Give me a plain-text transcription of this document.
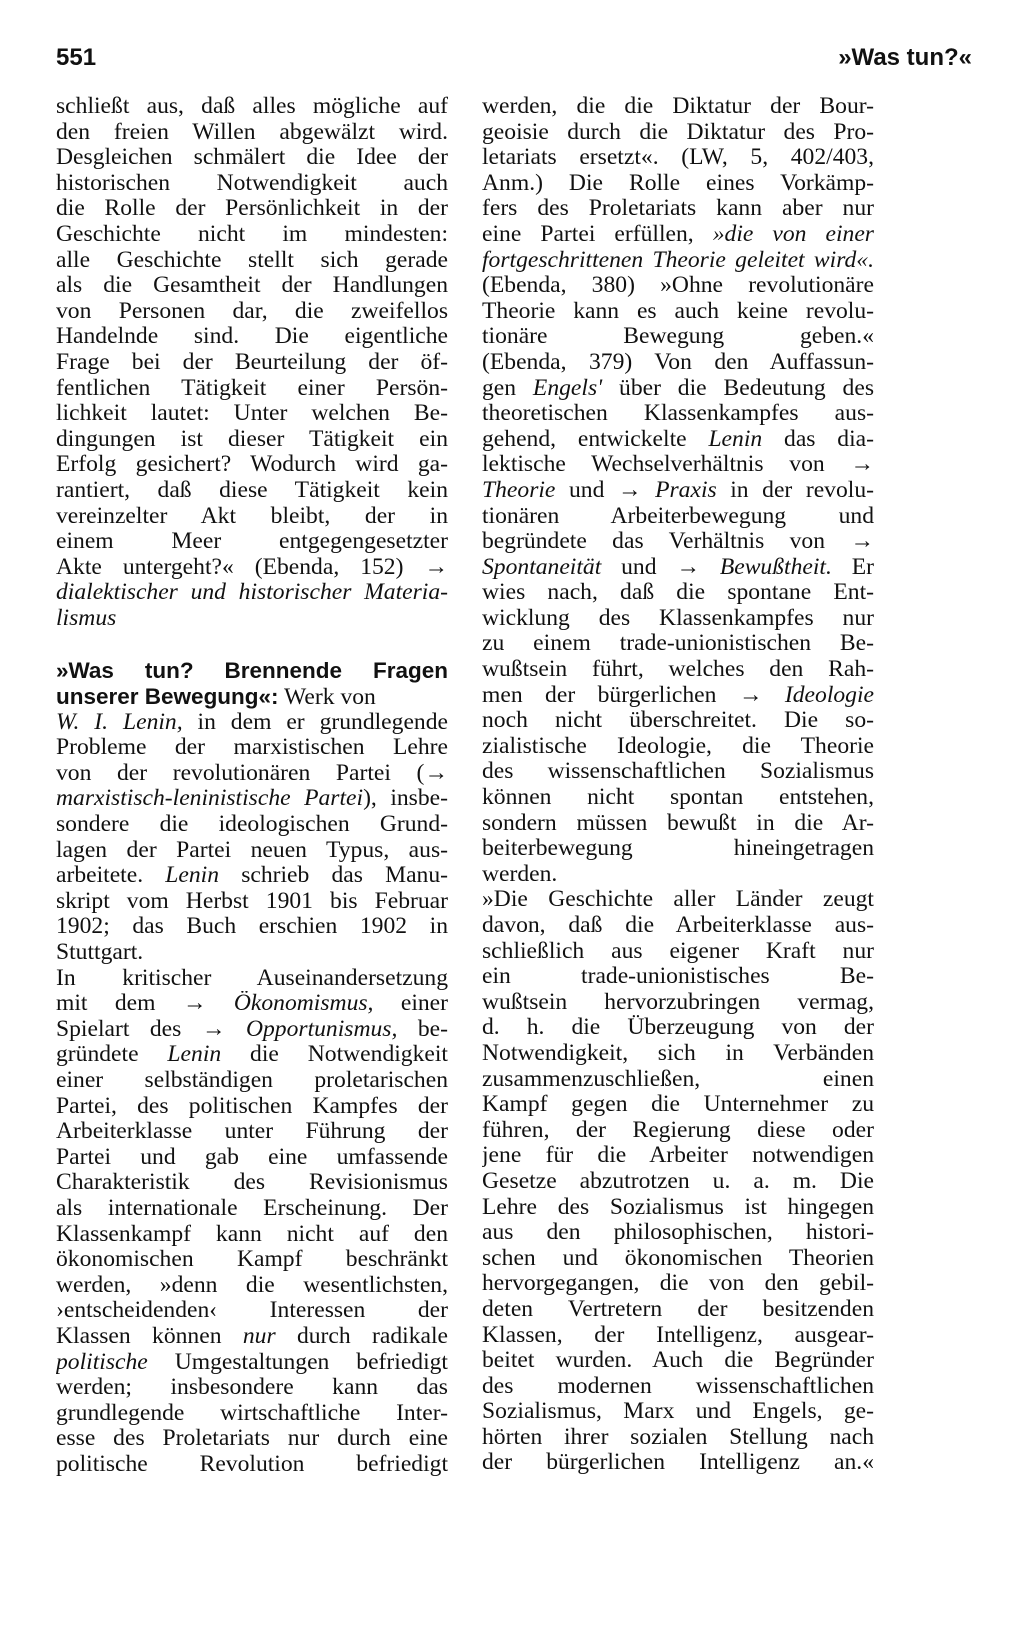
551	»Was tun?«
schließt aus, daß alles mögliche auf
den freien Willen abgewälzt wird.
Desgleichen schmälert die Idee der
historischen Notwendigkeit auch
die Rolle der Persönlichkeit in der
Geschichte nicht im mindesten:
alle Geschichte stellt sich gerade
als die Gesamtheit der Handlungen
von Personen dar, die zweifellos
Handelnde sind. Die eigentliche
Frage bei der Beurteilung der öf-
fentlichen Tätigkeit einer Persön-
lichkeit lautet: Unter welchen Be-
dingungen ist dieser Tätigkeit ein
Erfolg gesichert? Wodurch wird ga-
rantiert, daß diese Tätigkeit kein
vereinzelter Akt bleibt, der in
einem Meer entgegengesetzter
Akte untergeht?« (Ebenda, 152) →
dialektischer und historischer Materia-
lismus
»Was tun? Brennende Fragen
unserer Bewegung«: Werk von
W. I. Lenin, in dem er grundlegende
Probleme der marxistischen Lehre
von der revolutionären Partei (→
marxistisch-leninistische Partei), insbe-
sondere die ideologischen Grund-
lagen der Partei neuen Typus, aus-
arbeitete. Lenin schrieb das Manu-
skript vom Herbst 1901 bis Februar
1902; das Buch erschien 1902 in
Stuttgart.
In kritischer Auseinandersetzung
mit dem → Ökonomismus, einer
Spielart des → Opportunismus, be-
gründete Lenin die Notwendigkeit
einer selbständigen proletarischen
Partei, des politischen Kampfes der
Arbeiterklasse unter Führung der
Partei und gab eine umfassende
Charakteristik des Revisionismus
als internationale Erscheinung. Der
Klassenkampf kann nicht auf den
ökonomischen Kampf beschränkt
werden, »denn die wesentlichsten,
›entscheidenden‹ Interessen der
Klassen können nur durch radikale
politische Umgestaltungen befriedigt
werden; insbesondere kann das
grundlegende wirtschaftliche Inter-
esse des Proletariats nur durch eine
politische Revolution befriedigt
werden, die die Diktatur der Bour-
geoisie durch die Diktatur des Pro-
letariats ersetzt«. (LW, 5, 402/403,
Anm.) Die Rolle eines Vorkämp-
fers des Proletariats kann aber nur
eine Partei erfüllen, »die von einer
fortgeschrittenen Theorie geleitet wird«.
(Ebenda, 380) »Ohne revolutionäre
Theorie kann es auch keine revolu-
tionäre Bewegung geben.«
(Ebenda, 379) Von den Auffassun-
gen Engels' über die Bedeutung des
theoretischen Klassenkampfes aus-
gehend, entwickelte Lenin das dia-
lektische Wechselverhältnis von →
Theorie und → Praxis in der revolu-
tionären Arbeiterbewegung und
begründete das Verhältnis von →
Spontaneität und → Bewußtheit. Er
wies nach, daß die spontane Ent-
wicklung des Klassenkampfes nur
zu einem trade-unionistischen Be-
wußtsein führt, welches den Rah-
men der bürgerlichen → Ideologie
noch nicht überschreitet. Die so-
zialistische Ideologie, die Theorie
des wissenschaftlichen Sozialismus
können nicht spontan entstehen,
sondern müssen bewußt in die Ar-
beiterbewegung hineingetragen
werden.
»Die Geschichte aller Länder zeugt
davon, daß die Arbeiterklasse aus-
schließlich aus eigener Kraft nur
ein trade-unionistisches Be-
wußtsein hervorzubringen vermag,
d. h. die Überzeugung von der
Notwendigkeit, sich in Verbänden
zusammenzuschließen, einen
Kampf gegen die Unternehmer zu
führen, der Regierung diese oder
jene für die Arbeiter notwendigen
Gesetze abzutrotzen u. a. m. Die
Lehre des Sozialismus ist hingegen
aus den philosophischen, histori-
schen und ökonomischen Theorien
hervorgegangen, die von den gebil-
deten Vertretern der besitzenden
Klassen, der Intelligenz, ausgear-
beitet wurden. Auch die Begründer
des modernen wissenschaftlichen
Sozialismus, Marx und Engels, ge-
hörten ihrer sozialen Stellung nach
der bürgerlichen Intelligenz an.«
